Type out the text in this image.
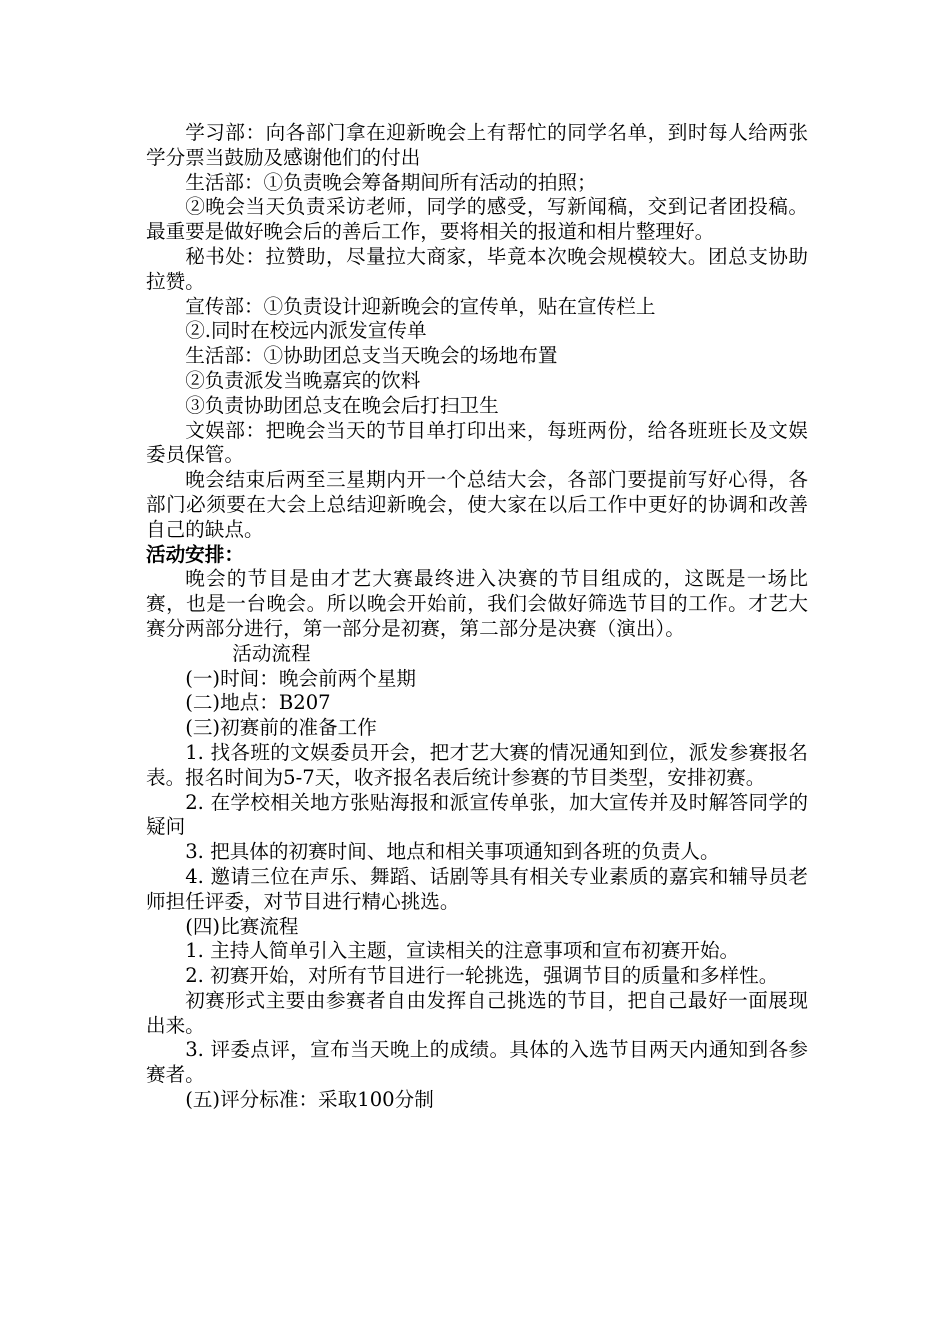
学习部：向各部门拿在迎新晚会上有帮忙的同学名单，到时每人给两张学分票当鼓励及感谢他们的付出

生活部：①负责晚会筹备期间所有活动的拍照；

②晚会当天负责采访老师，同学的感受，写新闻稿，交到记者团投稿。最重要是做好晚会后的善后工作，要将相关的报道和相片整理好。

秘书处：拉赞助，尽量拉大商家，毕竟本次晚会规模较大。团总支协助拉赞。

宣传部：①负责设计迎新晚会的宣传单，贴在宣传栏上

②.同时在校远内派发宣传单

生活部：①协助团总支当天晚会的场地布置

②负责派发当晚嘉宾的饮料

③负责协助团总支在晚会后打扫卫生

文娱部：把晚会当天的节目单打印出来，每班两份，给各班班长及文娱委员保管。

晚会结束后两至三星期内开一个总结大会，各部门要提前写好心得，各部门必须要在大会上总结迎新晚会，使大家在以后工作中更好的协调和改善自己的缺点。

活动安排：

晚会的节目是由才艺大赛最终进入决赛的节目组成的，这既是一场比赛，也是一台晚会。所以晚会开始前，我们会做好筛选节目的工作。才艺大赛分两部分进行，第一部分是初赛，第二部分是决赛（演出）。

活动流程

(一)时间：晚会前两个星期

(二)地点：B207

(三)初赛前的准备工作

1. 找各班的文娱委员开会，把才艺大赛的情况通知到位，派发参赛报名表。报名时间为5-7天，收齐报名表后统计参赛的节目类型，安排初赛。

2. 在学校相关地方张贴海报和派宣传单张，加大宣传并及时解答同学的疑问

3. 把具体的初赛时间、地点和相关事项通知到各班的负责人。

4. 邀请三位在声乐、舞蹈、话剧等具有相关专业素质的嘉宾和辅导员老师担任评委，对节目进行精心挑选。

(四)比赛流程

1. 主持人简单引入主题，宣读相关的注意事项和宣布初赛开始。

2. 初赛开始，对所有节目进行一轮挑选，强调节目的质量和多样性。

初赛形式主要由参赛者自由发挥自己挑选的节目，把自己最好一面展现出来。

3. 评委点评，宣布当天晚上的成绩。具体的入选节目两天内通知到各参赛者。

(五)评分标准：采取100分制
